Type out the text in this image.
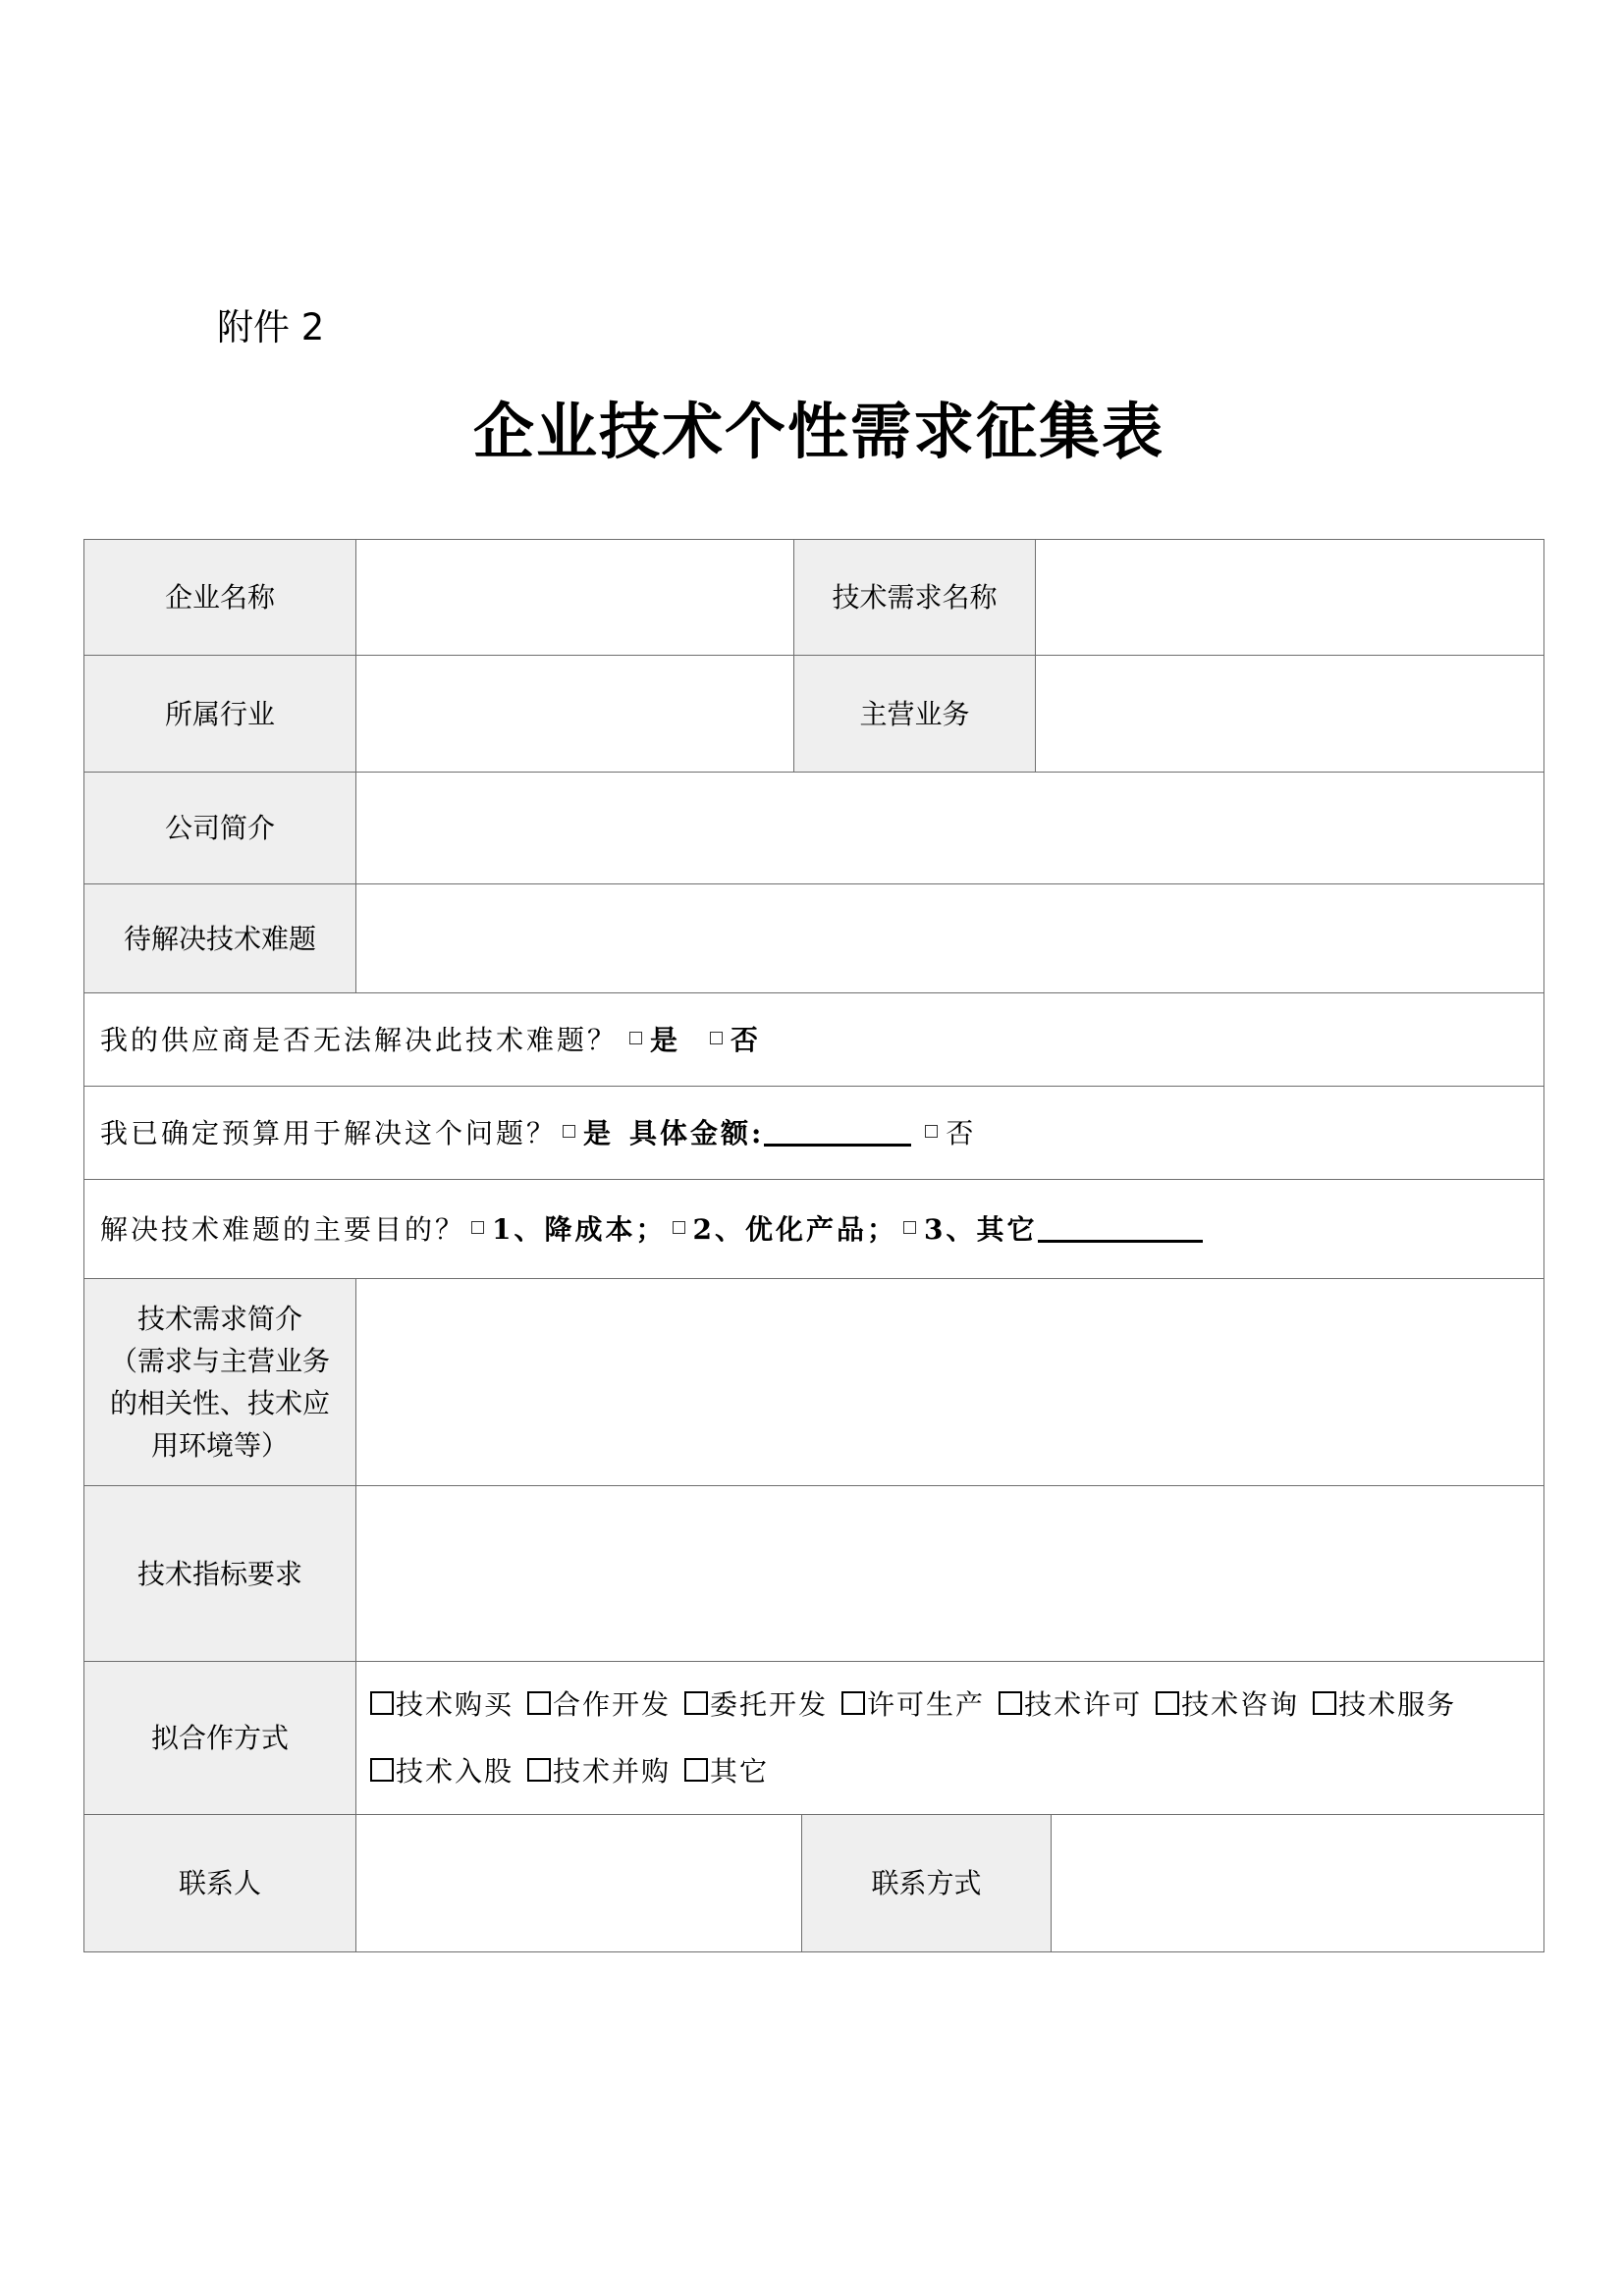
附件 2
企业技术个性需求征集表
企业名称	技术需求名称
所属行业	主营业务
公司简介
待解决技术难题
我的供应商是否无法解决此技术难题？ 是 否
我已确定预算用于解决这个问题？ 是 具体金额:	否
解决技术难题的主要目的？ 1、 降成本； 2、 优化产品； 3、 其它
技术需求简介
（需求与主营业务
的相关性、技术应
用环境等）
技术指标要求
拟合作方式
技术购买 合作开发 委托开发 许可生产 技术许可 技术咨询 技术服务技术入股 技术并购 其它
联系人	联系方式
